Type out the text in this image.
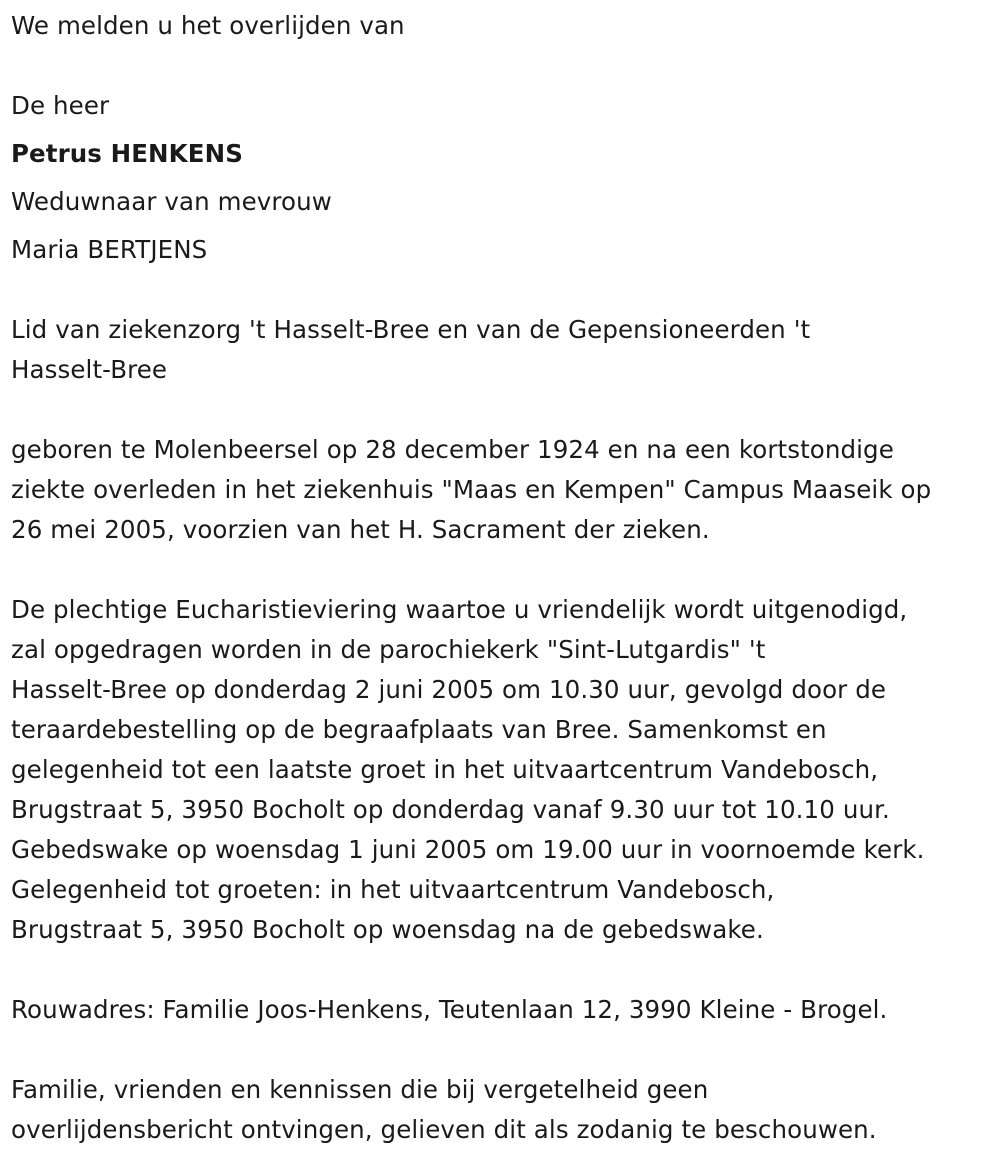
We melden u het overlijden van
De heer
Petrus HENKENS
Weduwnaar van mevrouw
Maria BERTJENS
Lid van ziekenzorg 't Hasselt-Bree en van de Gepensioneerden 't
Hasselt-Bree
geboren te Molenbeersel op 28 december 1924 en na een kortstondige
ziekte overleden in het ziekenhuis "Maas en Kempen" Campus Maaseik op
26 mei 2005, voorzien van het H. Sacrament der zieken.
De plechtige Eucharistieviering waartoe u vriendelijk wordt uitgenodigd,
zal opgedragen worden in de parochiekerk "Sint-Lutgardis" 't
Hasselt-Bree op donderdag 2 juni 2005 om 10.30 uur, gevolgd door de
teraardebestelling op de begraafplaats van Bree. Samenkomst en
gelegenheid tot een laatste groet in het uitvaartcentrum Vandebosch,
Brugstraat 5, 3950 Bocholt op donderdag vanaf 9.30 uur tot 10.10 uur.
Gebedswake op woensdag 1 juni 2005 om 19.00 uur in voornoemde kerk.
Gelegenheid tot groeten: in het uitvaartcentrum Vandebosch,
Brugstraat 5, 3950 Bocholt op woensdag na de gebedswake.
Rouwadres: Familie Joos-Henkens, Teutenlaan 12, 3990 Kleine - Brogel.
Familie, vrienden en kennissen die bij vergetelheid geen
overlijdensbericht ontvingen, gelieven dit als zodanig te beschouwen.
